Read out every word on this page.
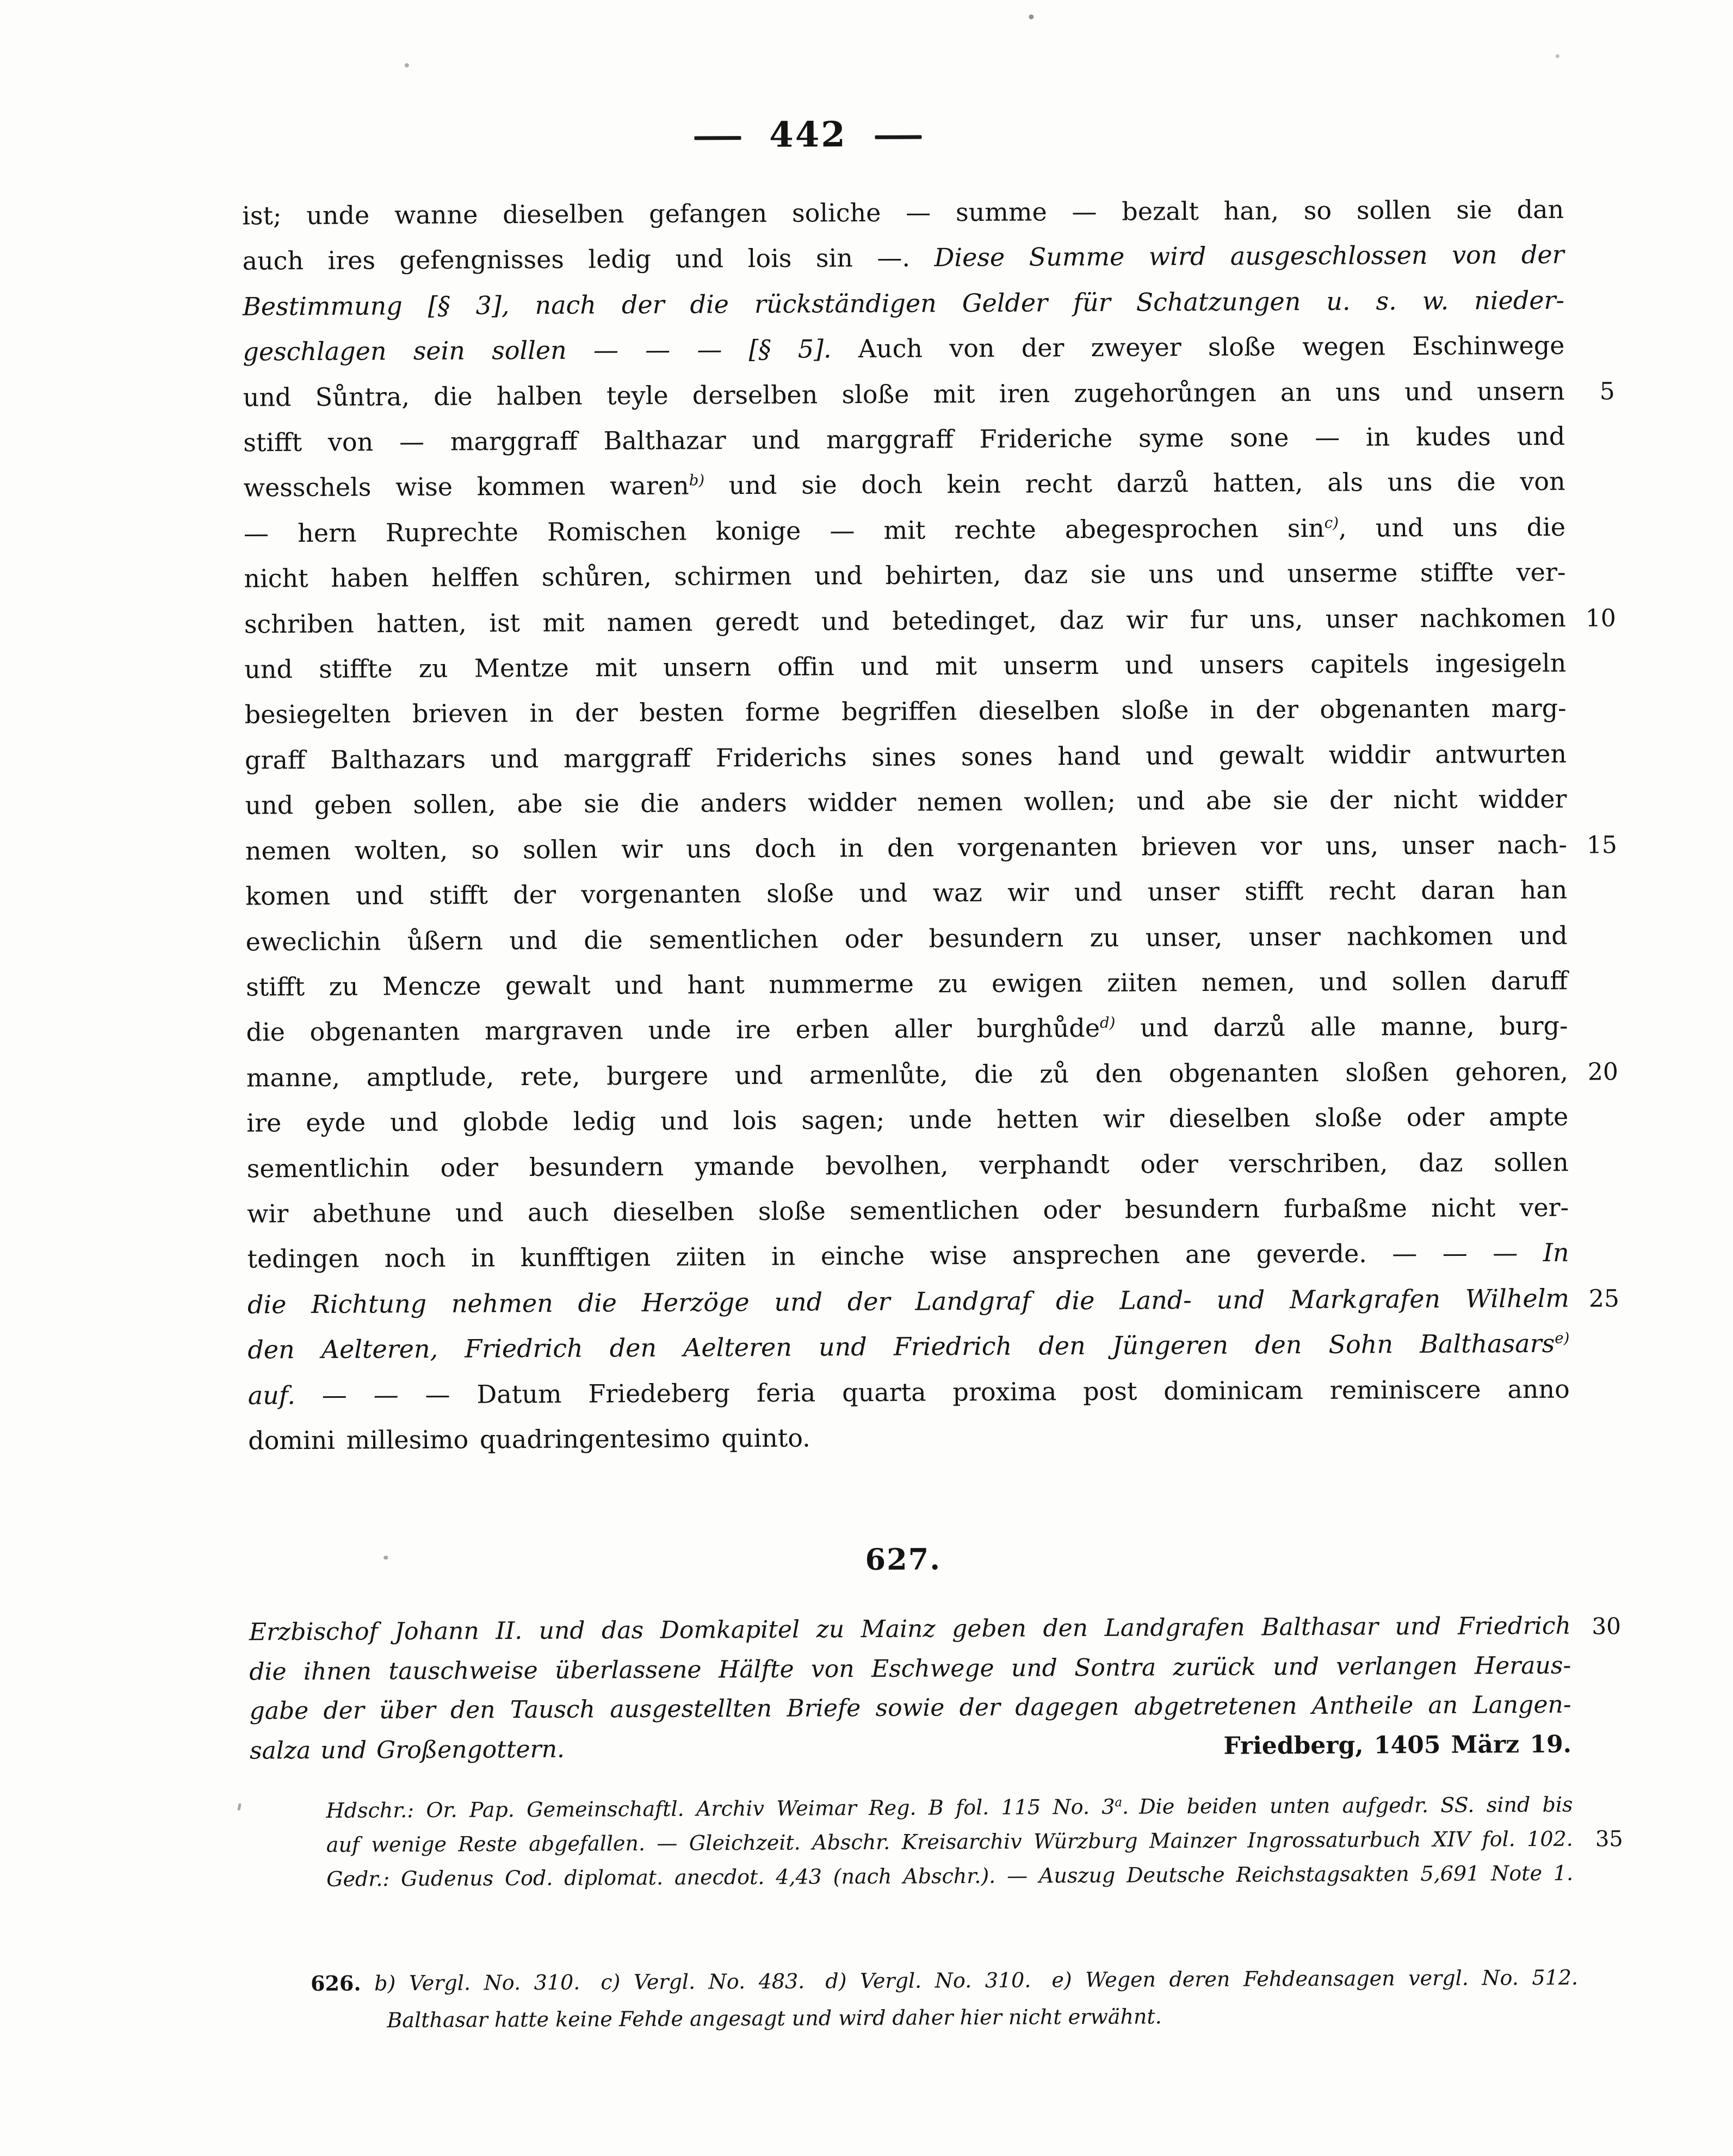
442
ist; unde wanne dieselben gefangen soliche — summe — bezalt han, so sollen sie dan
auch ires gefengnisses ledig und lois sin —. Diese Summe wird ausgeschlossen von der
Bestimmung [§ 3], nach der die rückständigen Gelder für Schatzungen u. s. w. nieder-
geschlagen sein sollen — — — [§ 5]. Auch von der zweyer sloße wegen Eschinwege
und Sůntra, die halben teyle derselben sloße mit iren zugehorůngen an uns und unsern 5
stifft von — marggraff Balthazar und marggraff Frideriche syme sone — in kudes und
wesschels wise kommen waren$^{b)}$ und sie doch kein recht darzů hatten, als uns die von
— hern Ruprechte Romischen konige — mit rechte abegesprochen $\sin^{c)}$, und uns die
nicht haben helffen schůren, schirmen und behirten, daz sie uns und unserme stiffte ver-
schriben hatten, ist mit namen geredt und betedinget, daz wir fur uns, unser nachkomen 10
und stiffte zu Mentze mit unsern offin und mit unserm und unsers capitels ingesigeln
besiegelten brieven in der besten forme begriffen dieselben sloße in der obgenanten marg-
graff Balthazars und marggraff Friderichs sines sones hand und gewalt widdir antwurten
und geben sollen, abe sie die anders widder nemen wollen; und abe sie der nicht widder
nemen wolten, so sollen wir uns doch in den vorgenanten brieven vor uns, unser nach- 15
komen und stifft der vorgenanten sloße und waz wir und unser stifft recht daran han
eweclichin ůßern und die sementlichen oder besundern zu unser, unser nachkomen und
stifft zu Mencze gewalt und hant nummerme zu ewigen ziiten nemen, und sollen daruff
die obgenanten margraven unde ire erben aller burghůde$^{d)}$ und darzů alle manne, burg-
manne, amptlude, rete, burgere und armenlůte, die zů den obgenanten sloßen gehoren, 20
ire eyde und globde ledig und lois sagen; unde hetten wir dieselben sloße oder ampte
sementlichin oder besundern ymande bevolhen, verphandt oder verschriben, daz sollen
wir abethune und auch dieselben sloße sementlichen oder besundern furbaßme nicht ver-
tedingen noch in kunfftigen ziiten in einche wise ansprechen ane geverde. — — — In
die Richtung nehmen die Herzöge und der Landgraf die Land- und Markgrafen Wilhelm 25
den Aelteren, Friedrich den Aelteren und Friedrich den Jüngeren den Sohn Balthasars$^{e)}$
auf. — — — Datum Friedeberg feria quarta proxima post dominicam reminiscere anno
domini millesimo quadringentesimo quinto.
627.
Erzbischof Johann II. und das Domkapitel zu Mainz geben den Landgrafen Balthasar und Friedrich 30
die ihnen tauschweise überlassene Hälfte von Eschwege und Sontra zurück und verlangen Heraus-
gabe der über den Tausch ausgestellten Briefe sowie der dagegen abgetretenen Antheile an Langen-
salza und Großengottern.	Friedberg, 1405 März 19.
Hdschr.: Or. Pap. Gemeinschaftl. Archiv Weimar Reg. B fol. 115 No. 3$^a$. Die beiden unten aufgedr. SS. sind bis
auf wenige Reste abgefallen. — Gleichzeit. Abschr. Kreisarchiv Würzburg Mainzer Ingrossaturbuch XIV fol. 102. 35
Gedr.: Gudenus Cod. diplomat. anecdot. 4,43 (nach Abschr.). — Auszug Deutsche Reichstagsakten 5,691 Note 1.
626. b) Vergl. No. 310.  c) Vergl. No. 483.  d) Vergl. No. 310.  e) Wegen deren Fehdeansagen vergl. No. 512.
Balthasar hatte keine Fehde angesagt und wird daher hier nicht erwähnt.
